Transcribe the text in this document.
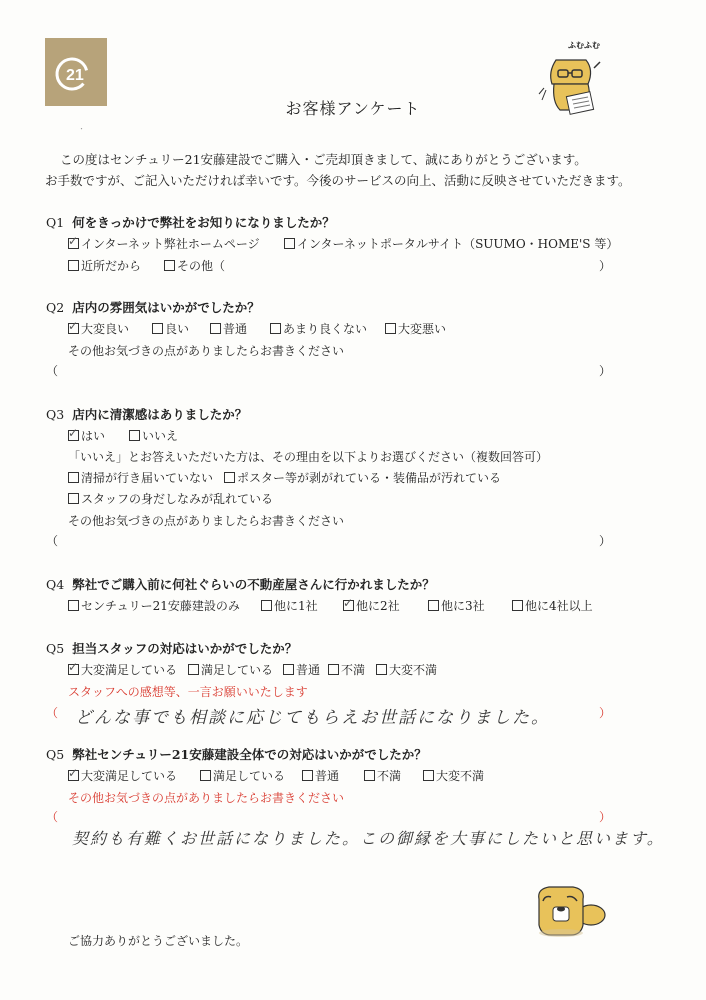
21
ふむふむ
お客様アンケート
・
この度はセンチュリー21安藤建設でご購入・ご売却頂きまして、誠にありがとうございます。
お手数ですが、ご記入いただければ幸いです。今後のサービスの向上、活動に反映させていただきます。
Q1 何をきっかけで弊社をお知りになりましたか？
✓ インターネット弊社ホームページ	インターネットポータルサイト（SUUMO・HOME'S 等）
近所だから	その他（	）
Q2 店内の雰囲気はいかがでしたか？
✓ 大変良い	良い	普通	あまり良くない	大変悪い
その他お気づきの点がありましたらお書きください
（	）
Q3 店内に清潔感はありましたか？
✓ はい	いいえ
「いいえ」とお答えいただいた方は、その理由を以下よりお選びください（複数回答可）
清掃が行き届いていない	ポスター等が剥がれている・装備品が汚れている
スタッフの身だしなみが乱れている
その他お気づきの点がありましたらお書きください
（	）
Q4 弊社でご購入前に何社ぐらいの不動産屋さんに行かれましたか？
センチュリー21安藤建設のみ	他に1社 ✓ 他に2社	他に3社	他に4社以上
Q5 担当スタッフの対応はいかがでしたか？
✓ 大変満足している	満足している	普通	不満	大変不満
スタッフへの感想等、一言お願いいたします
（	）
どんな事でも相談に応じてもらえお世話になりました。
Q5 弊社センチュリー21安藤建設全体での対応はいかがでしたか？
✓ 大変満足している	満足している	普通	不満	大変不満
その他お気づきの点がありましたらお書きください
（	）
契約も有難くお世話になりました。この御縁を大事にしたいと思います。
ご協力ありがとうございました。
